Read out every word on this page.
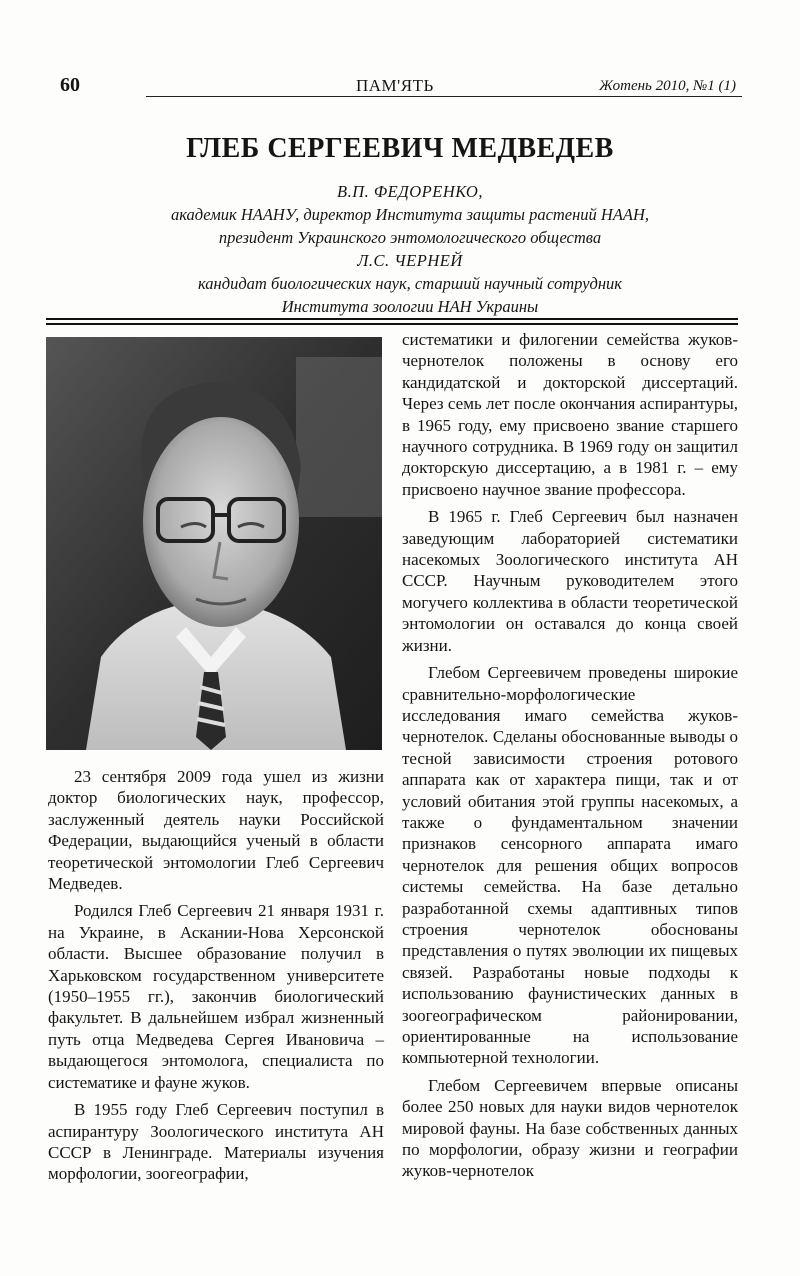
60	ПАМ'ЯТЬ	Жотень 2010, №1 (1)
ГЛЕБ СЕРГЕЕВИЧ МЕДВЕДЕВ
В.П. ФЕДОРЕНКО,
академик НААНУ, директор Института защиты растений НААН,
президент Украинского энтомологического общества
Л.С. ЧЕРНЕЙ
кандидат биологических наук, старший научный сотрудник
Института зоологии НАН Украины

23 сентября 2009 года ушел из жизни доктор биологических наук, профессор, заслуженный деятель науки Российской Федерации, выдающийся ученый в области теоретической энтомологии Глеб Сергеевич Медведев.

Родился Глеб Сергеевич 21 января 1931 г. на Украине, в Аскании-Нова Херсонской области. Высшее образование получил в Харьковском государственном университете (1950–1955 гг.), закончив биологический факультет. В дальнейшем избрал жизненный путь отца Медведева Сергея Ивановича – выдающегося энтомолога, специалиста по систематике и фауне жуков.

В 1955 году Глеб Сергеевич поступил в аспирантуру Зоологического института АН СССР в Ленинграде. Материалы изучения морфологии, зоогеографии,

систематики и филогении семейства жуков-чернотелок положены в основу его кандидатской и докторской диссертаций. Через семь лет после окончания аспирантуры, в 1965 году, ему присвоено звание старшего научного сотрудника. В 1969 году он защитил докторскую диссертацию, а в 1981 г. – ему присвоено научное звание профессора.

В 1965 г. Глеб Сергеевич был назначен заведующим лабораторией систематики насекомых Зоологического института АН СССР. Научным руководителем этого могучего коллектива в области теоретической энтомологии он оставался до конца своей жизни.

Глебом Сергеевичем проведены широкие сравнительно-морфологические исследования имаго семейства жуков-чернотелок. Сделаны обоснованные выводы о тесной зависимости строения ротового аппарата как от характера пищи, так и от условий обитания этой группы насекомых, а также о фундаментальном значении признаков сенсорного аппарата имаго чернотелок для решения общих вопросов системы семейства. На базе детально разработанной схемы адаптивных типов строения чернотелок обоснованы представления о путях эволюции их пищевых связей. Разработаны новые подходы к использованию фаунистических данных в зоогеографическом районировании, ориентированные на использование компьютерной технологии.

Глебом Сергеевичем впервые описаны более 250 новых для науки видов чернотелок мировой фауны. На базе собственных данных по морфологии, образу жизни и географии жуков-чернотелок
